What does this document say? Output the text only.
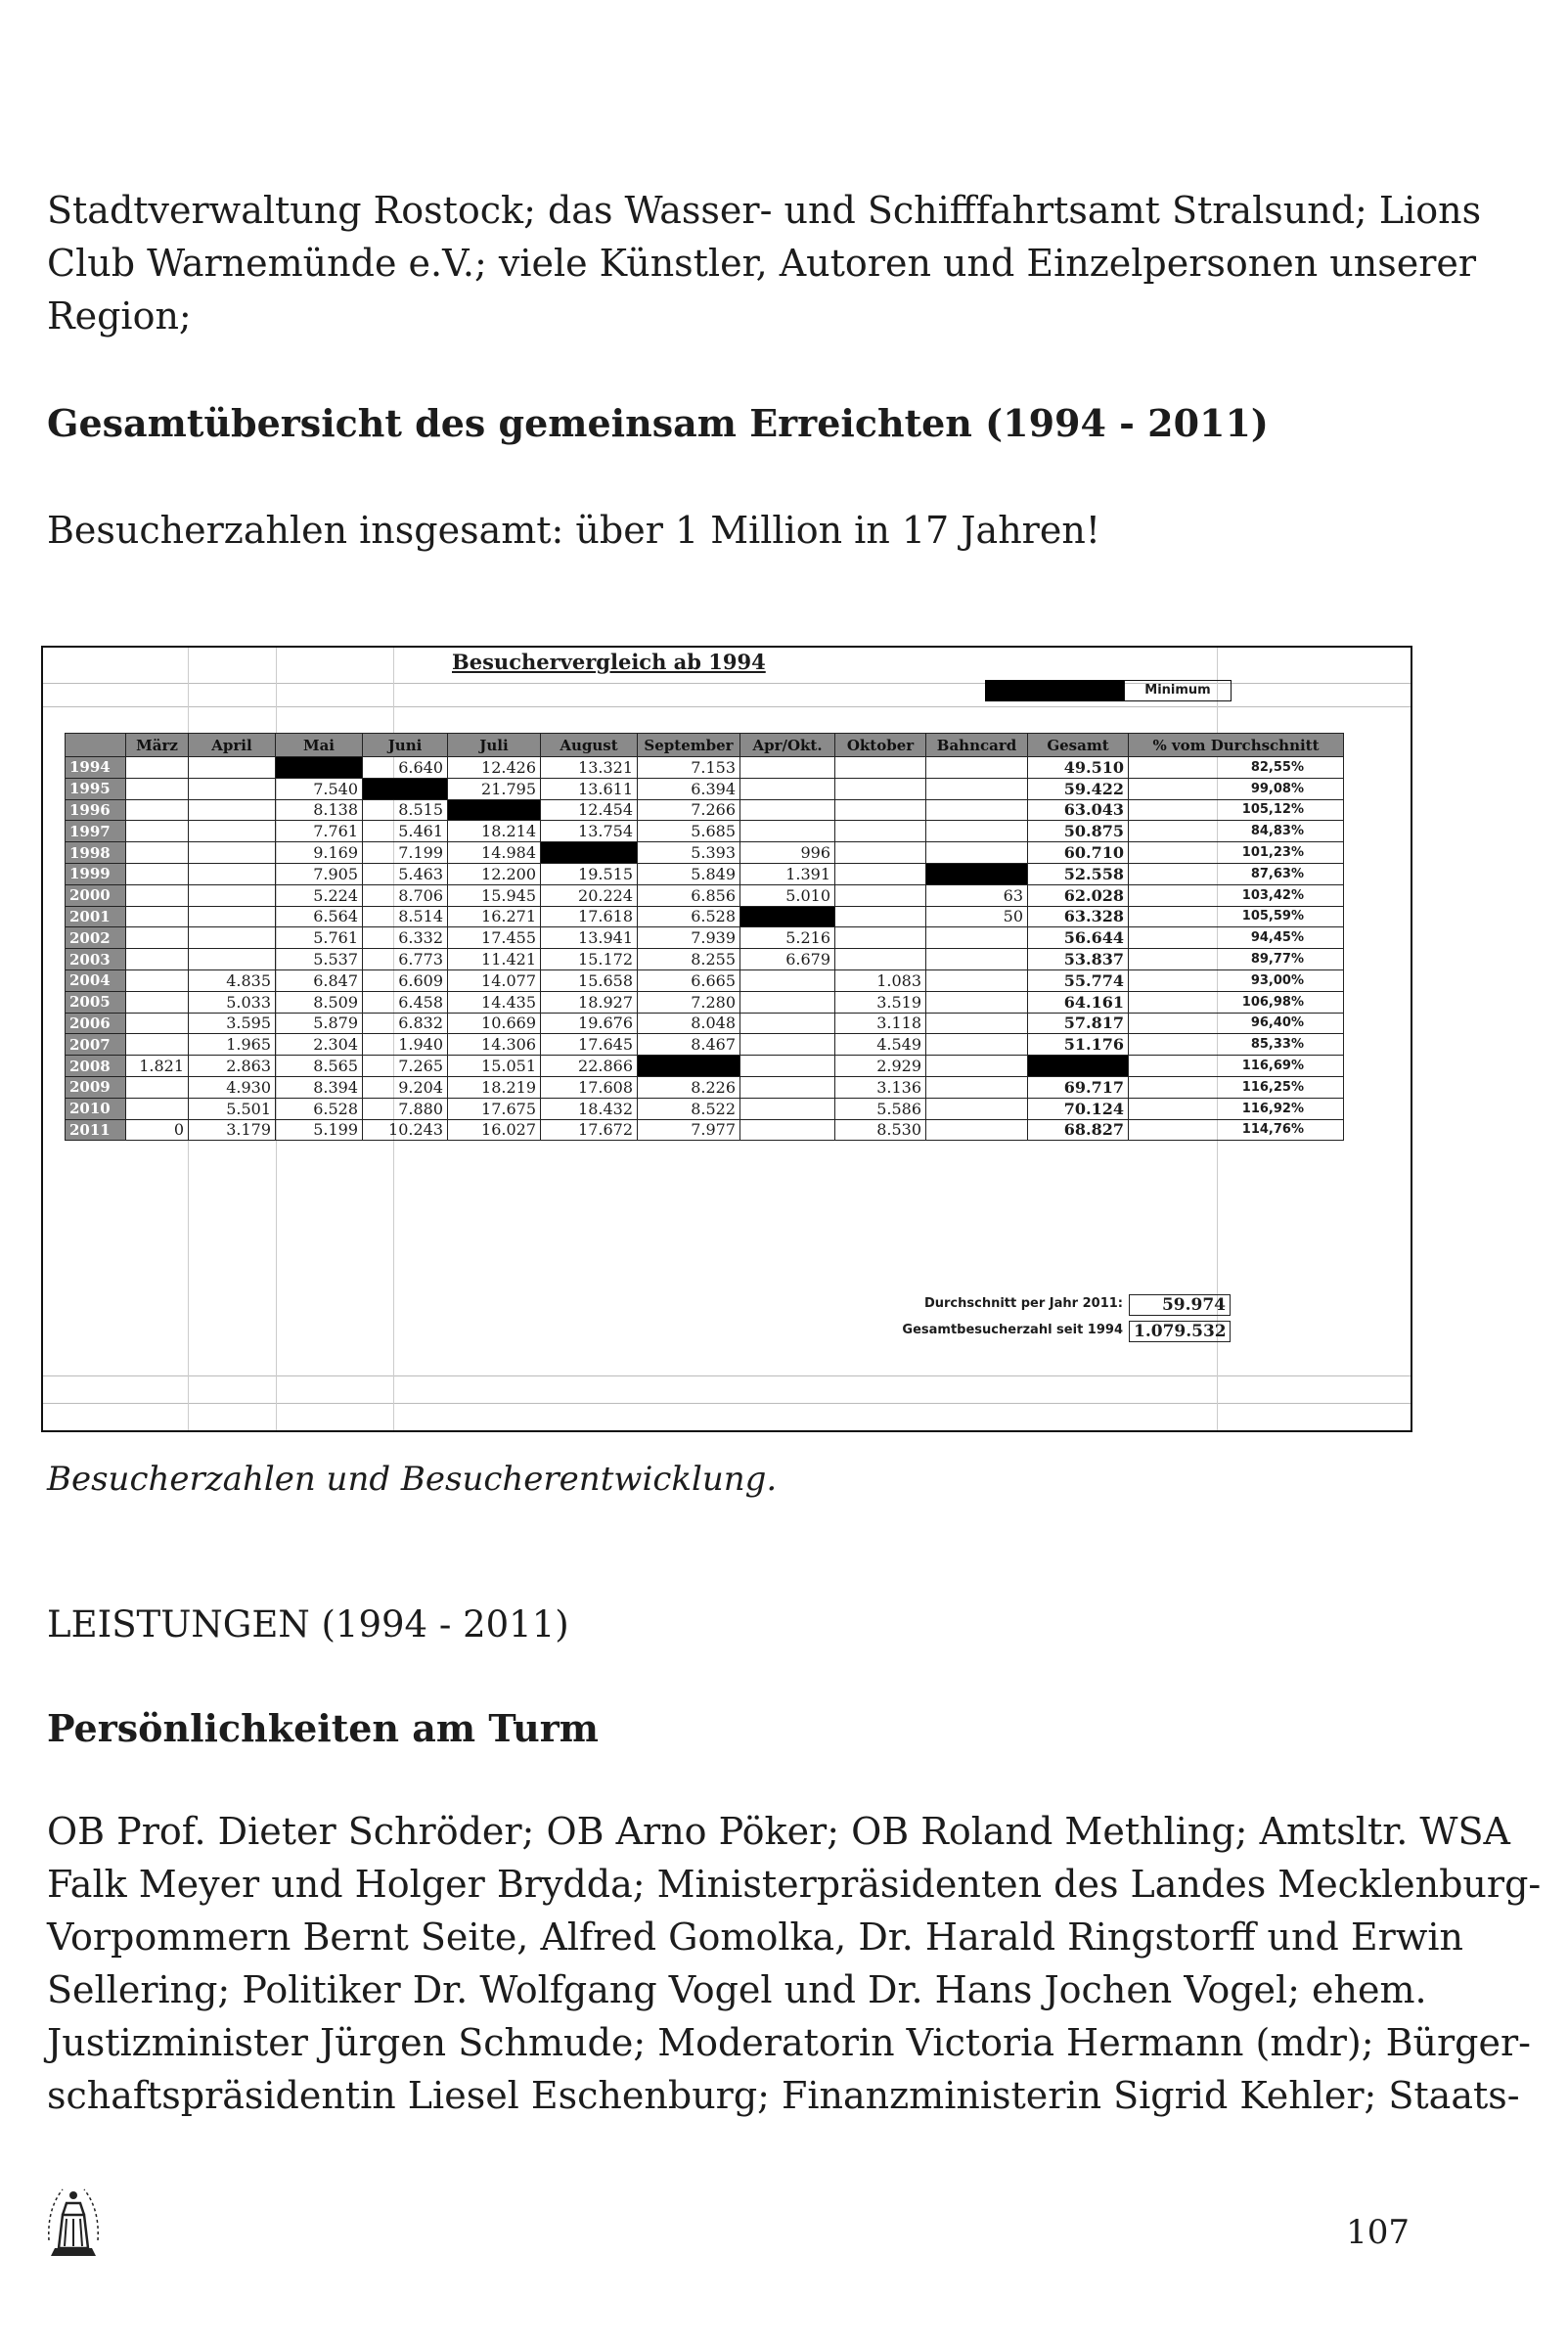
Stadtverwaltung Rostock; das Wasser- und Schifffahrtsamt Stralsund; Lions
Club Warnemünde e.V.; viele Künstler, Autoren und Einzelpersonen unserer
Region;
Gesamtübersicht des gemeinsam Erreichten (1994 - 2011)
Besucherzahlen insgesamt: über 1 Million in 17 Jahren!
Besuchervergleich ab 1994
Minimum
	März	April	Mai	Juni	Juli	August	September	Apr/Okt.	Oktober	Bahncard	Gesamt	% vom Durchschnitt
1994				6.640	12.426	13.321	7.153				49.510	82,55%
1995			7.540		21.795	13.611	6.394				59.422	99,08%
1996			8.138	8.515		12.454	7.266				63.043	105,12%
1997			7.761	5.461	18.214	13.754	5.685				50.875	84,83%
1998			9.169	7.199	14.984		5.393	996			60.710	101,23%
1999			7.905	5.463	12.200	19.515	5.849	1.391			52.558	87,63%
2000			5.224	8.706	15.945	20.224	6.856	5.010		63	62.028	103,42%
2001			6.564	8.514	16.271	17.618	6.528			50	63.328	105,59%
2002			5.761	6.332	17.455	13.941	7.939	5.216			56.644	94,45%
2003			5.537	6.773	11.421	15.172	8.255	6.679			53.837	89,77%
2004		4.835	6.847	6.609	14.077	15.658	6.665		1.083		55.774	93,00%
2005		5.033	8.509	6.458	14.435	18.927	7.280		3.519		64.161	106,98%
2006		3.595	5.879	6.832	10.669	19.676	8.048		3.118		57.817	96,40%
2007		1.965	2.304	1.940	14.306	17.645	8.467		4.549		51.176	85,33%
2008	1.821	2.863	8.565	7.265	15.051	22.866			2.929			116,69%
2009		4.930	8.394	9.204	18.219	17.608	8.226		3.136		69.717	116,25%
2010		5.501	6.528	7.880	17.675	18.432	8.522		5.586		70.124	116,92%
2011	0	3.179	5.199	10.243	16.027	17.672	7.977		8.530		68.827	114,76%
Durchschnitt per Jahr 2011:	59.974
Gesamtbesucherzahl seit 1994 1.079.532
Besucherzahlen und Besucherentwicklung.
LEISTUNGEN (1994 - 2011)
Persönlichkeiten am Turm
OB Prof. Dieter Schröder; OB Arno Pöker; OB Roland Methling; Amtsltr. WSA
Falk Meyer und Holger Brydda; Ministerpräsidenten des Landes Mecklenburg-
Vorpommern Bernt Seite, Alfred Gomolka, Dr. Harald Ringstorff und Erwin
Sellering; Politiker Dr. Wolfgang Vogel und Dr. Hans Jochen Vogel; ehem.
Justizminister Jürgen Schmude; Moderatorin Victoria Hermann (mdr); Bürger-
schaftspräsidentin Liesel Eschenburg; Finanzministerin Sigrid Kehler; Staats-
107
